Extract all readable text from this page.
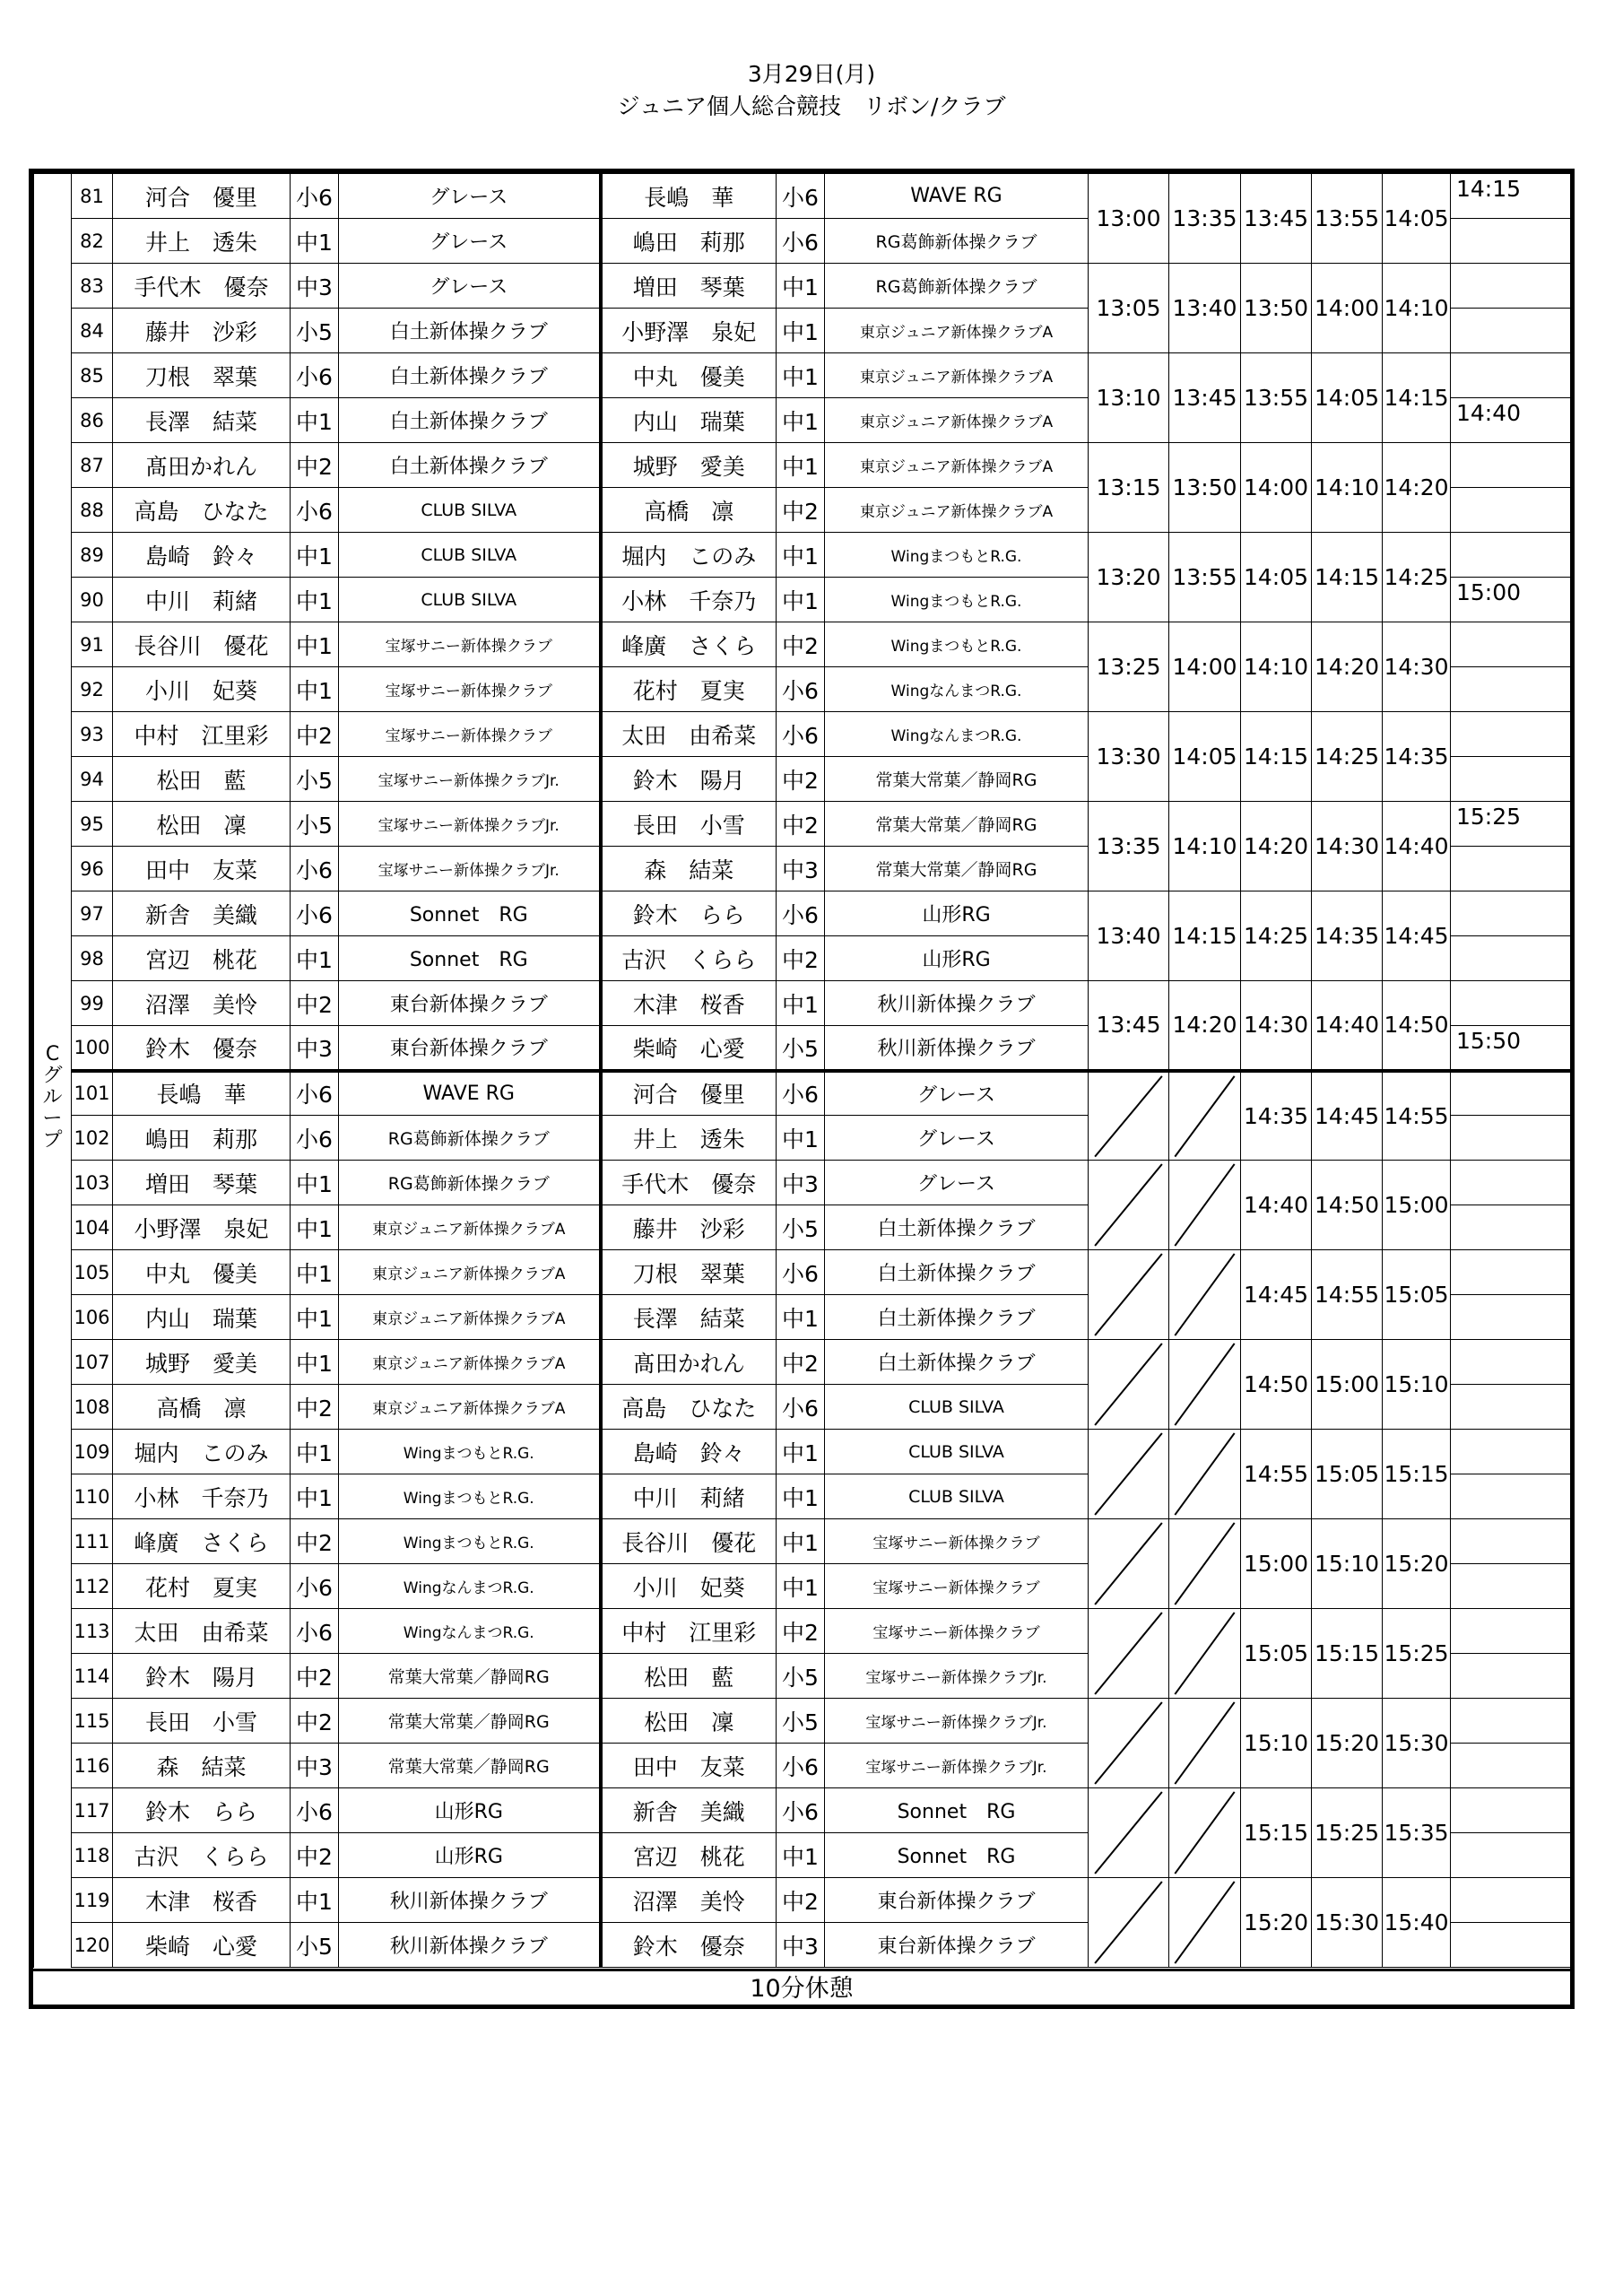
3月29日(月)
ジュニア個人総合競技　リボン/クラブ
C
グ
ル
ー
プ	81	河合　優里	小6	グレース	長嶋　華	小6	WAVE RG	13:00	13:35	13:45	13:55	14:05	14:15

	82	井上　透朱	中1	グレース	嶋田　莉那	小6	RG葛飾新体操クラブ						
	83	手代木　優奈	中3	グレース	増田　琴葉	中1	RG葛飾新体操クラブ	13:05	13:40	13:50	14:00	14:10	
	84	藤井　沙彩	小5	白土新体操クラブ	小野澤　泉妃	中1	東京ジュニア新体操クラブA						
	85	刀根　翠葉	小6	白土新体操クラブ	中丸　優美	中1	東京ジュニア新体操クラブA	13:10	13:45	13:55	14:05	14:15	
	86	長澤　結菜	中1	白土新体操クラブ	内山　瑞葉	中1	東京ジュニア新体操クラブA						14:40

	87	髙田かれん	中2	白土新体操クラブ	城野　愛美	中1	東京ジュニア新体操クラブA	13:15	13:50	14:00	14:10	14:20	
	88	高島　ひなた	小6	CLUB SILVA	高橋　凛	中2	東京ジュニア新体操クラブA						
	89	島崎　鈴々	中1	CLUB SILVA	堀内　このみ	中1	WingまつもとR.G.	13:20	13:55	14:05	14:15	14:25	
	90	中川　莉緒	中1	CLUB SILVA	小林　千奈乃	中1	WingまつもとR.G.						15:00

	91	長谷川　優花	中1	宝塚サニー新体操クラブ	峰廣　さくら	中2	WingまつもとR.G.	13:25	14:00	14:10	14:20	14:30	
	92	小川　妃葵	中1	宝塚サニー新体操クラブ	花村　夏実	小6	WingなんまつR.G.						
	93	中村　江里彩	中2	宝塚サニー新体操クラブ	太田　由希菜	小6	WingなんまつR.G.	13:30	14:05	14:15	14:25	14:35	
	94	松田　藍	小5	宝塚サニー新体操クラブJr.	鈴木　陽月	中2	常葉大常葉／静岡RG						
	95	松田　凜	小5	宝塚サニー新体操クラブJr.	長田　小雪	中2	常葉大常葉／静岡RG	13:35	14:10	14:20	14:30	14:40	15:25

	96	田中　友菜	小6	宝塚サニー新体操クラブJr.	森　結菜	中3	常葉大常葉／静岡RG						
	97	新舎　美織	小6	Sonnet　RG	鈴木　らら	小6	山形RG	13:40	14:15	14:25	14:35	14:45	
	98	宮辺　桃花	中1	Sonnet　RG	古沢　くらら	中2	山形RG						
	99	沼澤　美怜	中2	東台新体操クラブ	木津　桜香	中1	秋川新体操クラブ	13:45	14:20	14:30	14:40	14:50	
	100	鈴木　優奈	中3	東台新体操クラブ	柴崎　心愛	小5	秋川新体操クラブ						15:50

	101	長嶋　華	小6	WAVE RG	河合　優里	小6	グレース			14:35	14:45	14:55	
	102	嶋田　莉那	小6	RG葛飾新体操クラブ	井上　透朱	中1	グレース						
	103	増田　琴葉	中1	RG葛飾新体操クラブ	手代木　優奈	中3	グレース			14:40	14:50	15:00	
	104	小野澤　泉妃	中1	東京ジュニア新体操クラブA	藤井　沙彩	小5	白土新体操クラブ						
	105	中丸　優美	中1	東京ジュニア新体操クラブA	刀根　翠葉	小6	白土新体操クラブ			14:45	14:55	15:05	
	106	内山　瑞葉	中1	東京ジュニア新体操クラブA	長澤　結菜	中1	白土新体操クラブ						
	107	城野　愛美	中1	東京ジュニア新体操クラブA	髙田かれん	中2	白土新体操クラブ			14:50	15:00	15:10	
	108	高橋　凛	中2	東京ジュニア新体操クラブA	高島　ひなた	小6	CLUB SILVA						
	109	堀内　このみ	中1	WingまつもとR.G.	島崎　鈴々	中1	CLUB SILVA			14:55	15:05	15:15	
	110	小林　千奈乃	中1	WingまつもとR.G.	中川　莉緒	中1	CLUB SILVA						
	111	峰廣　さくら	中2	WingまつもとR.G.	長谷川　優花	中1	宝塚サニー新体操クラブ			15:00	15:10	15:20	
	112	花村　夏実	小6	WingなんまつR.G.	小川　妃葵	中1	宝塚サニー新体操クラブ						
	113	太田　由希菜	小6	WingなんまつR.G.	中村　江里彩	中2	宝塚サニー新体操クラブ			15:05	15:15	15:25	
	114	鈴木　陽月	中2	常葉大常葉／静岡RG	松田　藍	小5	宝塚サニー新体操クラブJr.						
	115	長田　小雪	中2	常葉大常葉／静岡RG	松田　凜	小5	宝塚サニー新体操クラブJr.			15:10	15:20	15:30	
	116	森　結菜	中3	常葉大常葉／静岡RG	田中　友菜	小6	宝塚サニー新体操クラブJr.						
	117	鈴木　らら	小6	山形RG	新舎　美織	小6	Sonnet　RG			15:15	15:25	15:35	
	118	古沢　くらら	中2	山形RG	宮辺　桃花	中1	Sonnet　RG						
	119	木津　桜香	中1	秋川新体操クラブ	沼澤　美怜	中2	東台新体操クラブ			15:20	15:30	15:40	
	120	柴崎　心愛	小5	秋川新体操クラブ	鈴木　優奈	中3	東台新体操クラブ						
10分休憩
